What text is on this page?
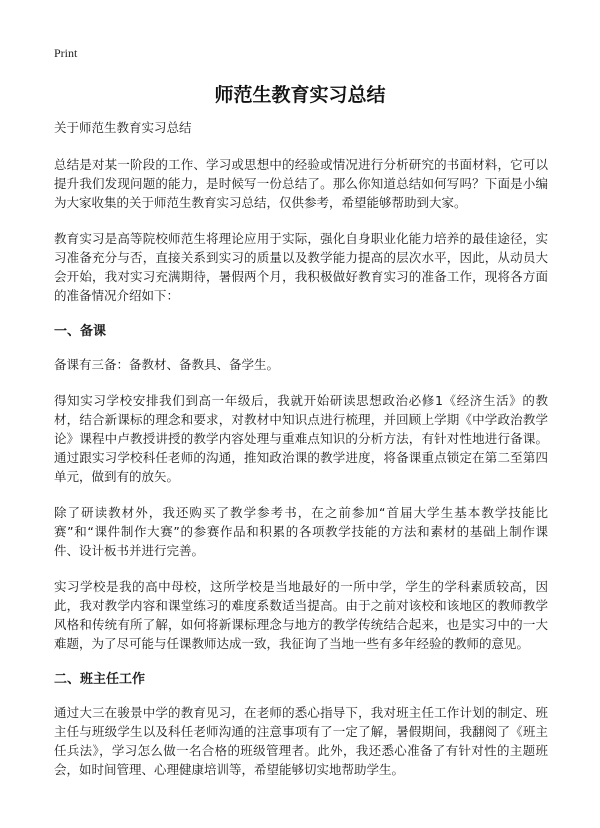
Print
师范生教育实习总结

关于师范生教育实习总结

总结是对某一阶段的工作、学习或思想中的经验或情况进行分析研究的书面材料，它可以提升我们发现问题的能力，是时候写一份总结了。那么你知道总结如何写吗？下面是小编为大家收集的关于师范生教育实习总结，仅供参考，希望能够帮助到大家。

教育实习是高等院校师范生将理论应用于实际，强化自身职业化能力培养的最佳途径，实习准备充分与否，直接关系到实习的质量以及教学能力提高的层次水平，因此，从动员大会开始，我对实习充满期待，暑假两个月，我积极做好教育实习的准备工作，现将各方面的准备情况介绍如下：

一、备课

备课有三备：备教材、备教具、备学生。

得知实习学校安排我们到高一年级后，我就开始研读思想政治必修1《经济生活》的教材，结合新课标的理念和要求，对教材中知识点进行梳理，并回顾上学期《中学政治教学论》课程中卢教授讲授的教学内容处理与重难点知识的分析方法，有针对性地进行备课。通过跟实习学校科任老师的沟通，推知政治课的教学进度，将备课重点锁定在第二至第四单元，做到有的放矢。

除了研读教材外，我还购买了教学参考书，在之前参加“首届大学生基本教学技能比赛”和“课件制作大赛”的参赛作品和积累的各项教学技能的方法和素材的基础上制作课件、设计板书并进行完善。

实习学校是我的高中母校，这所学校是当地最好的一所中学，学生的学科素质较高，因此，我对教学内容和课堂练习的难度系数适当提高。由于之前对该校和该地区的教师教学风格和传统有所了解，如何将新课标理念与地方的教学传统结合起来，也是实习中的一大难题，为了尽可能与任课教师达成一致，我征询了当地一些有多年经验的教师的意见。

二、班主任工作

通过大三在骏景中学的教育见习，在老师的悉心指导下，我对班主任工作计划的制定、班主任与班级学生以及科任老师沟通的注意事项有了一定了解，暑假期间，我翻阅了《班主任兵法》，学习怎么做一名合格的班级管理者。此外，我还悉心准备了有针对性的主题班会，如时间管理、心理健康培训等，希望能够切实地帮助学生。
